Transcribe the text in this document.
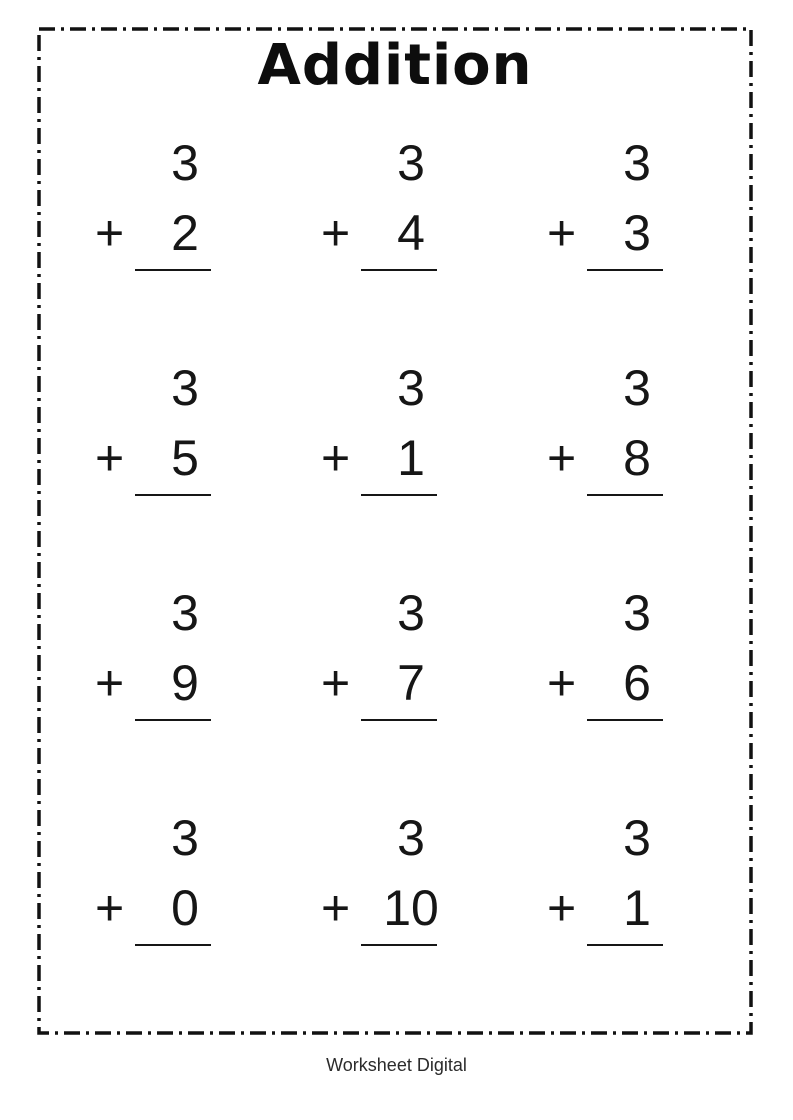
Addition
3
+ 2
3
+ 4
3
+ 3
3
+ 5
3
+ 1
3
+ 8
3
+ 9
3
+ 7
3
+ 6
3
+ 0
3
+ 10
3
+ 1
Worksheet Digital
